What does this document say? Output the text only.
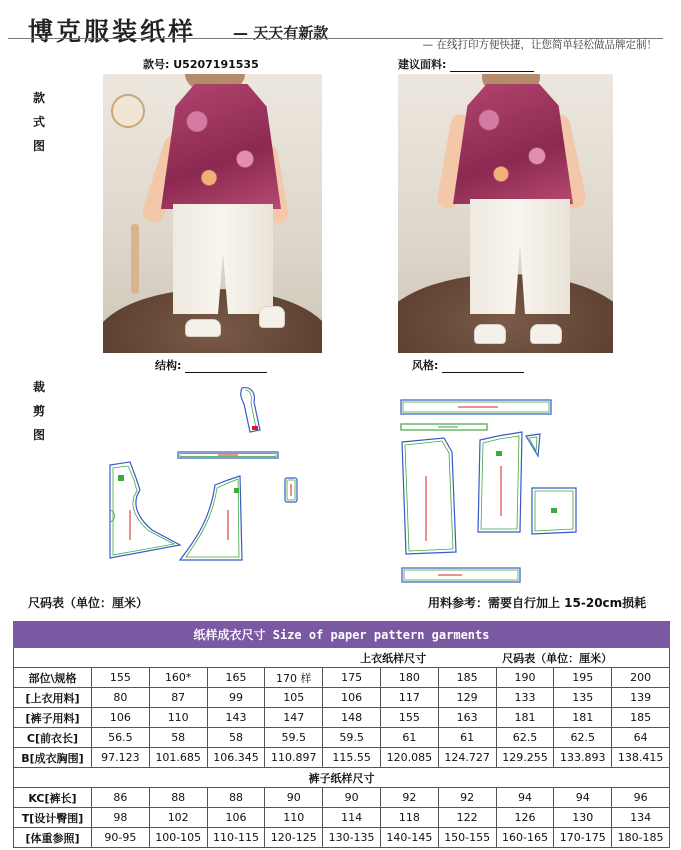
博克服装纸样 — 天天有新款
— 在线打印方便快捷，让您简单轻松做品牌定制！
款号: U5207191535	建议面料:
款
式
图
裁
剪
图
结构:	风格:
尺码表（单位：厘米）	用料参考：需要自行加上 15-20cm损耗
纸样成衣尺寸 Size of paper pattern garments										
上衣纸样尺寸								尺码表（单位：厘米）		
部位\规格	155	160*	165	170 样	175	180	185	190	195	200
[上衣用料]	80	87	99	105	106	117	129	133	135	139
[裤子用料]	106	110	143	147	148	155	163	181	181	185
C[前衣长]	56.5	58	58	59.5	59.5	61	61	62.5	62.5	64
B[成衣胸围]	97.123	101.685	106.345	110.897	115.55	120.085	124.727	129.255	133.893	138.415
裤子纸样尺寸										
KC[裤长]	86	88	88	90	90	92	92	94	94	96
T[设计臀围]	98	102	106	110	114	118	122	126	130	134
[体重参照]	90-95	100-105	110-115	120-125	130-135	140-145	150-155	160-165	170-175	180-185
